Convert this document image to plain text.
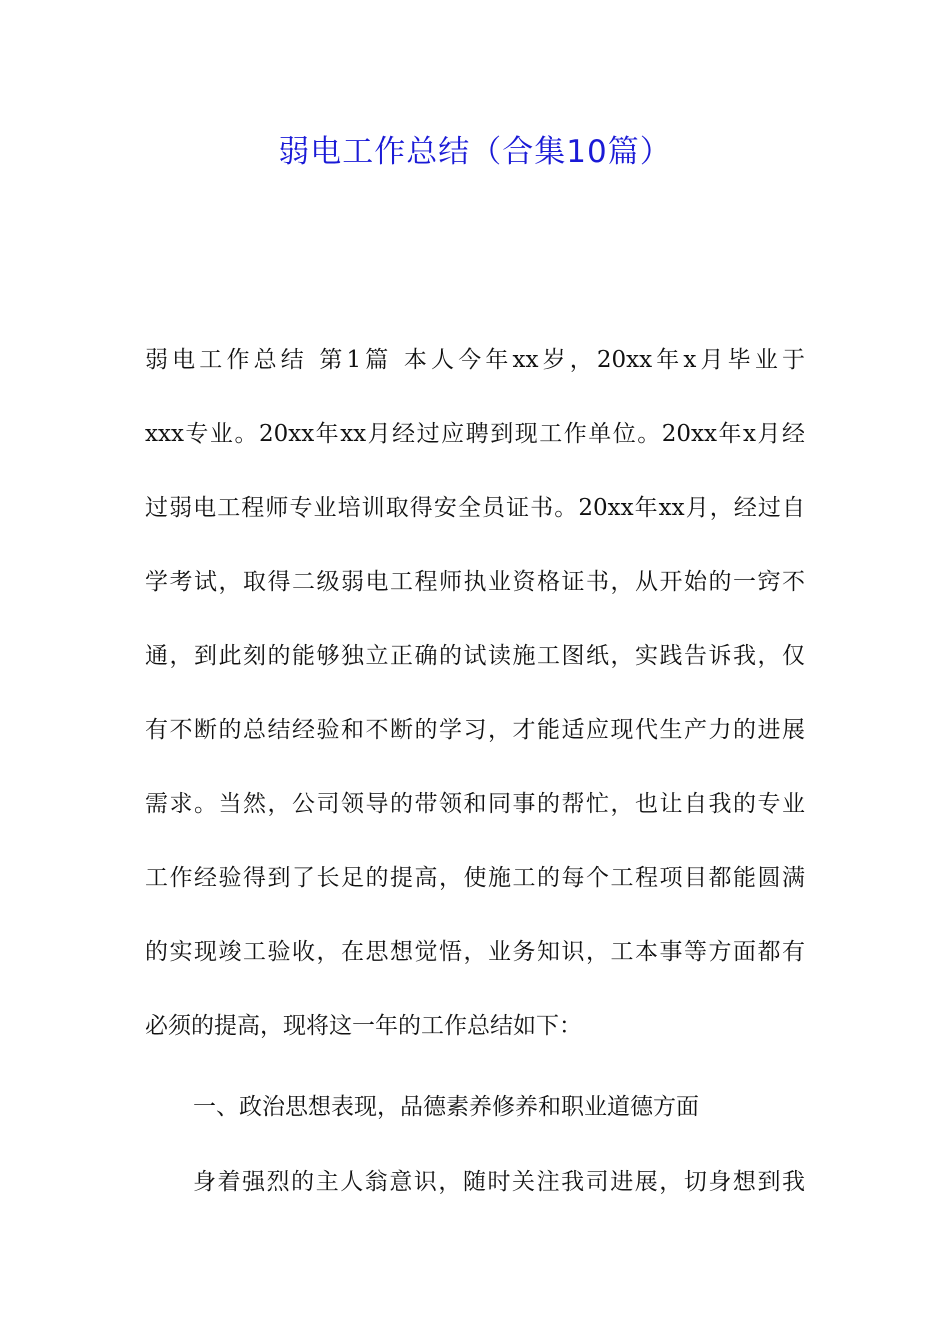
弱电工作总结（合集10篇）
弱电工作总结 第1篇 本人今年xx岁，20xx年x月毕业于
xxx专业。20xx年xx月经过应聘到现工作单位。20xx年x月经
过弱电工程师专业培训取得安全员证书。20xx年xx月，经过自
学考试，取得二级弱电工程师执业资格证书，从开始的一窍不
通，到此刻的能够独立正确的试读施工图纸，实践告诉我，仅
有不断的总结经验和不断的学习，才能适应现代生产力的进展
需求。当然，公司领导的带领和同事的帮忙，也让自我的专业
工作经验得到了长足的提高，使施工的每个工程项目都能圆满
的实现竣工验收，在思想觉悟，业务知识，工本事等方面都有
必须的提高，现将这一年的工作总结如下：
一、政治思想表现，品德素养修养和职业道德方面
身着强烈的主人翁意识，随时关注我司进展，切身想到我
